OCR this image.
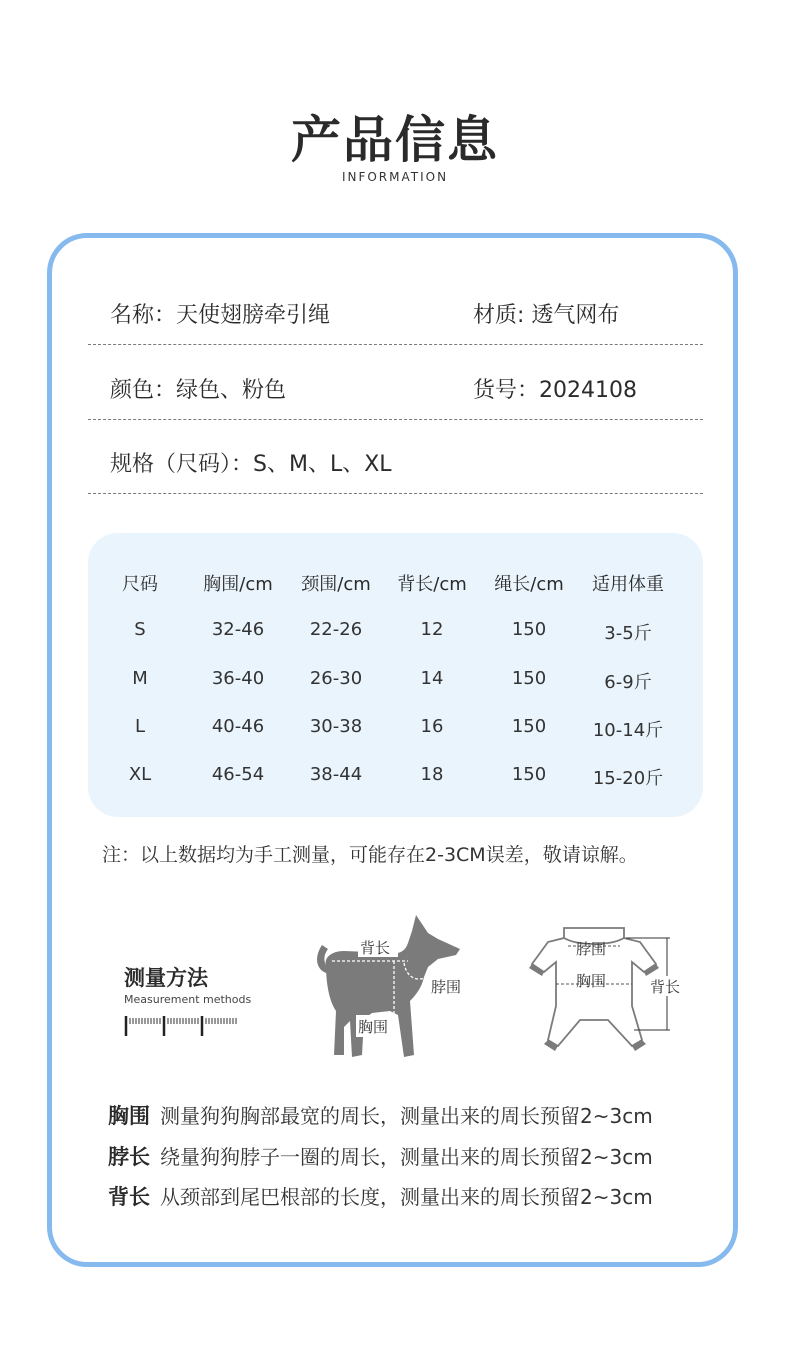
产品信息
INFORMATION
名称：天使翅膀牵引绳	材质: 透气网布
颜色：绿色、粉色	货号：2024108
规格（尺码）：S、M、L、XL
尺码	胸围/cm	颈围/cm	背长/cm	绳长/cm	适用体重
S	32-46	22-26	12	150	3-5斤
M	36-40	26-30	14	150	6-9斤
L	40-46	30-38	16	150	10-14斤
XL	46-54	38-44	18	150	15-20斤
注：以上数据均为手工测量，可能存在2-3CM误差，敬请谅解。
测量方法
Measurement methods
背长
脖围
胸围
脖围
胸围	背长
胸围 测量狗狗胸部最宽的周长，测量出来的周长预留2~3cm
脖长 绕量狗狗脖子一圈的周长，测量出来的周长预留2~3cm
背长 从颈部到尾巴根部的长度，测量出来的周长预留2~3cm
